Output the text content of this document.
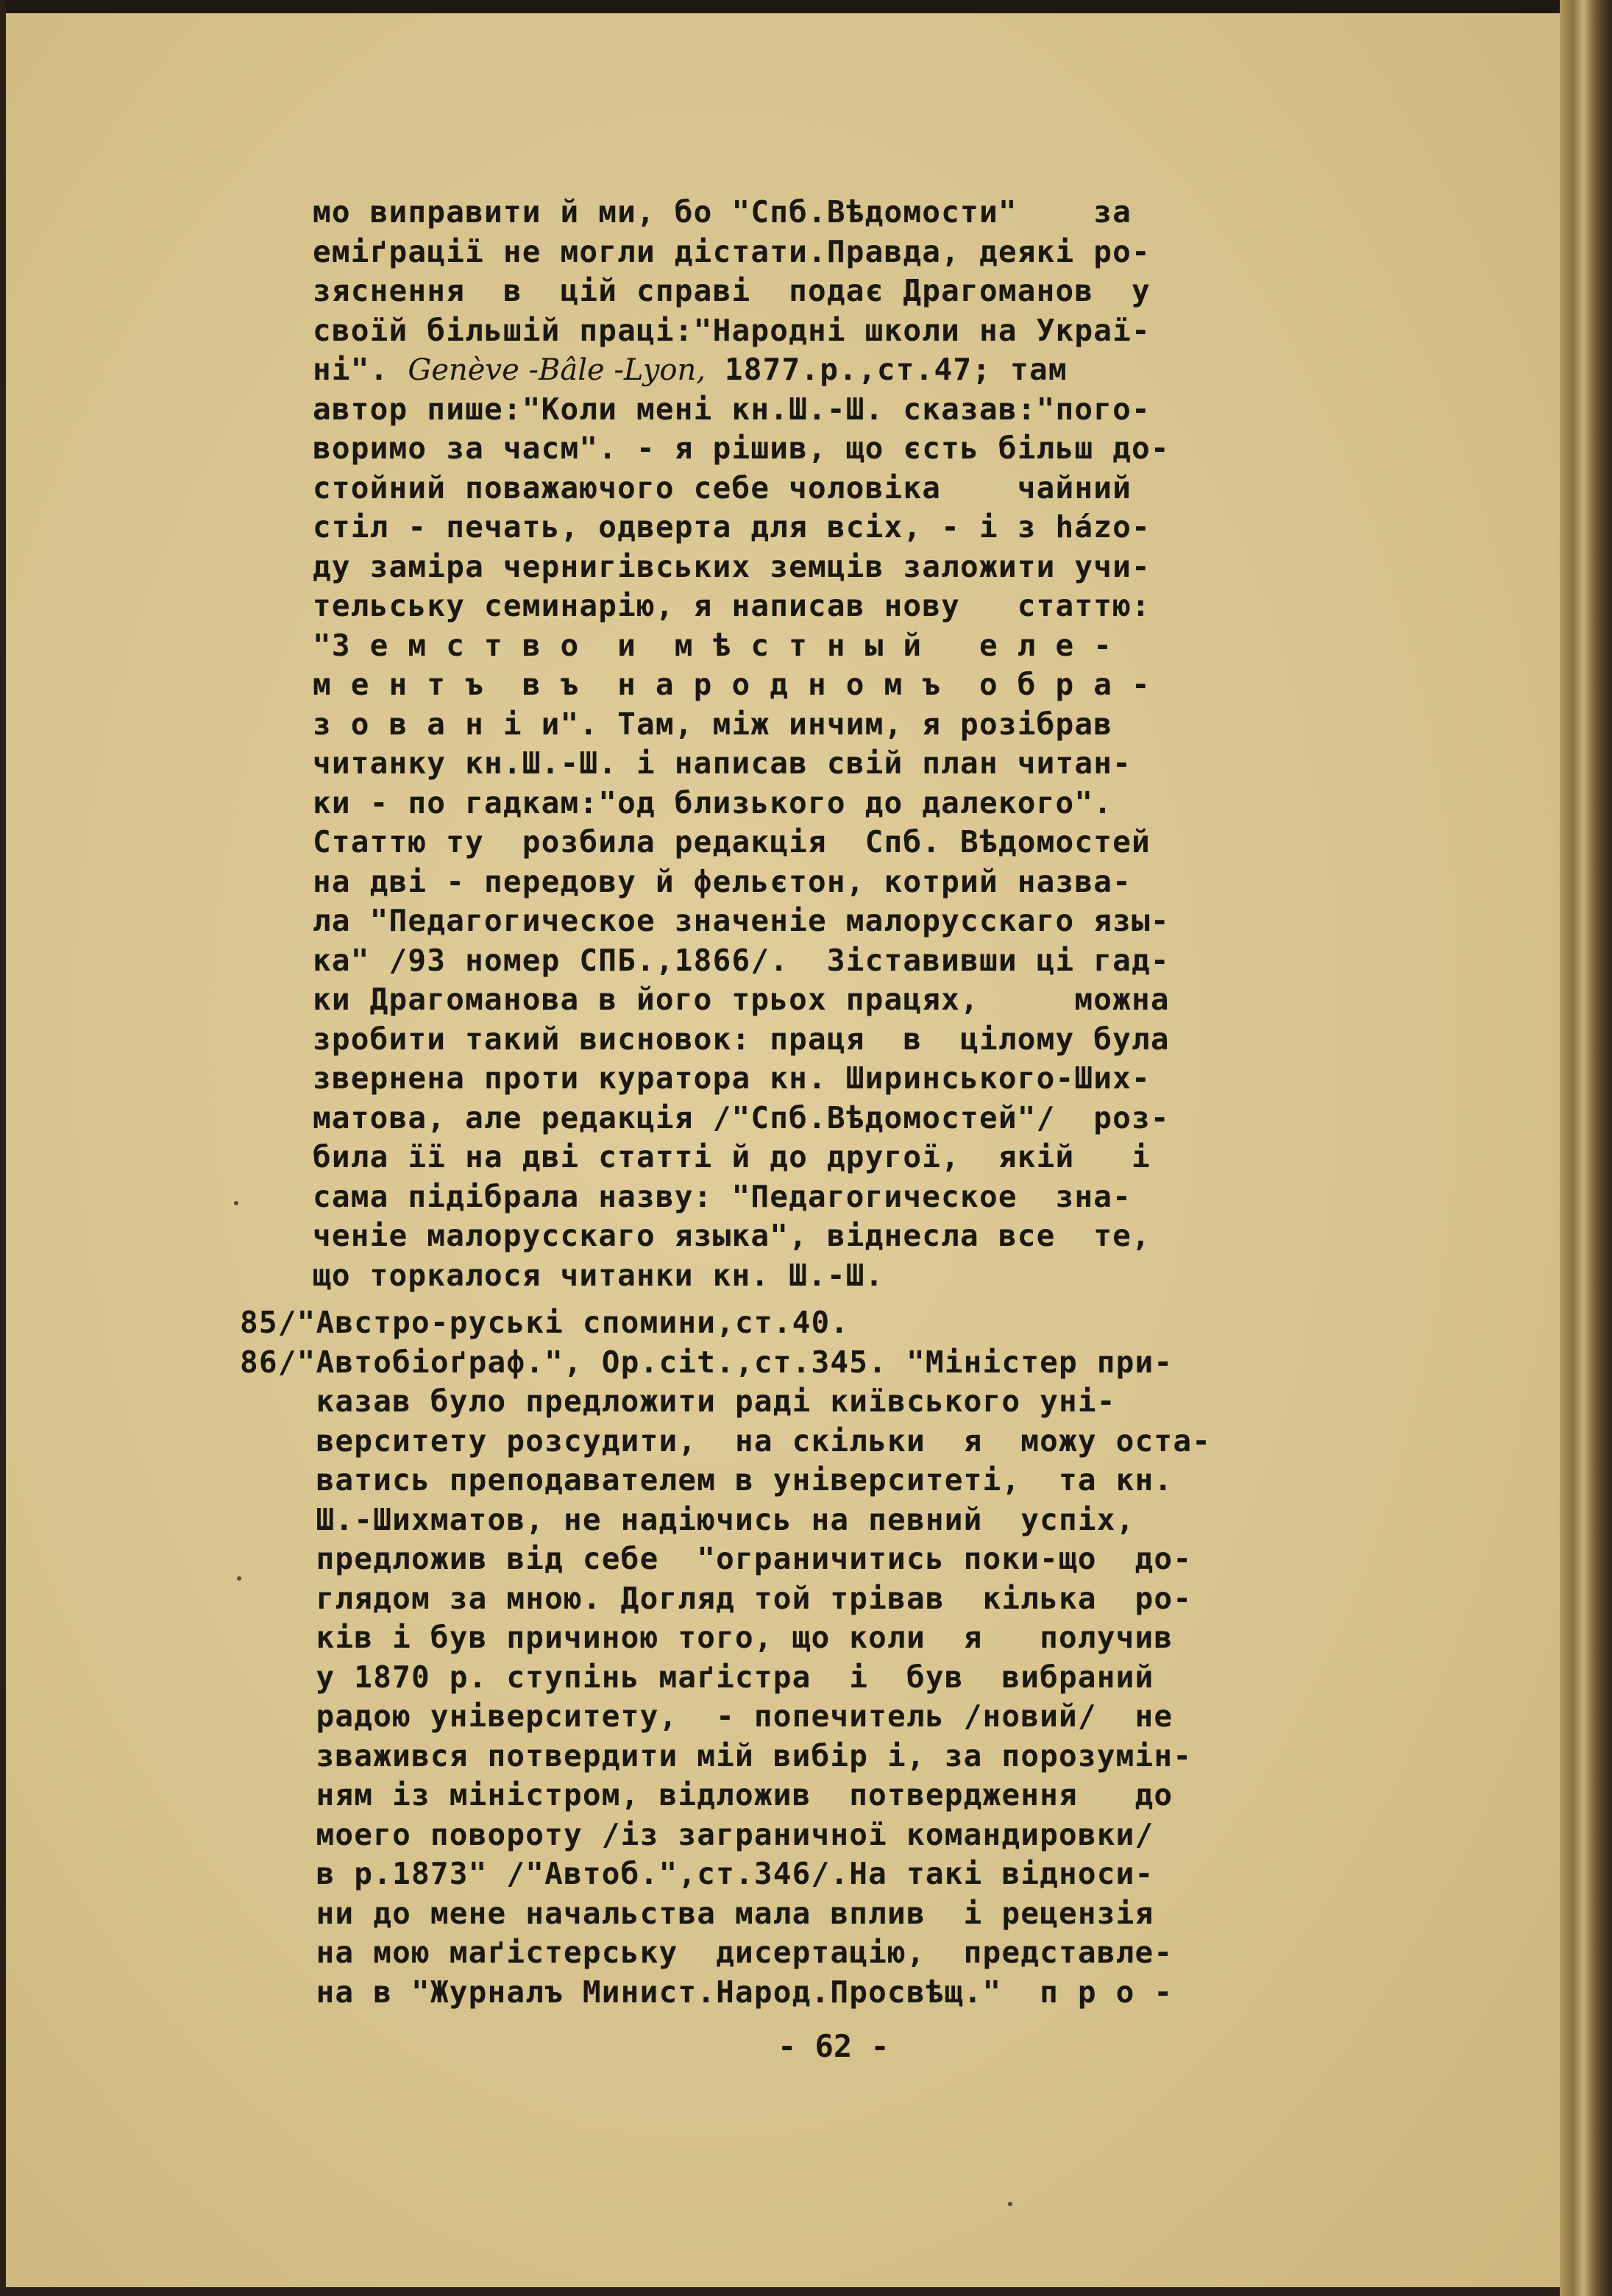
мо виправити й ми, бо "Спб.Вѣдомости"    за
еміґрації не могли дістати.Правда, деякі ро-
зяснення  в  цій справі  подає Драгоманов  у
своїй більшій праці:"Народні школи на Украї-
ні". Genève -Bâle -Lyon, 1877.р.,ст.47; там
автор пише:"Коли мені кн.Ш.-Ш. сказав:"пого-
воримо за часм". - я рішив, що єсть більш до-
стойний поважаючого себе чоловіка    чайний
стіл - печать, одверта для всіх, - і з házo-
ду заміра чернигівських земців заложити учи-
тельську семинарію, я написав нову   статтю:
"З е м с т в о  и  м ѣ с т н ы й   е л е -
м е н т ъ  в ъ  н а р о д н о м ъ  о б р а -
з о в а н і и". Там, між инчим, я розібрав
читанку кн.Ш.-Ш. і написав свій план читан-
ки - по гадкам:"од близького до далекого".
Статтю ту  розбила редакція  Спб. Вѣдомостей
на дві - передову й фельєтон, котрий назва-
ла "Педагогическое значеніе малорусскаго язы-
ка" /93 номер СПБ.,1866/.  Зіставивши ці гад-
ки Драгоманова в його трьох працях,     можна
зробити такий висновок: праця  в  цілому була
звернена проти куратора кн. Ширинського-Ших-
матова, але редакція /"Спб.Вѣдомостей"/  роз-
била її на дві статті й до другої,  якій   і
сама підібрала назву: "Педагогическое  зна-
ченіе малорусскаго языка", віднесла все  те,
що торкалося читанки кн. Ш.-Ш.
85/"Австро-руські спомини,ст.40.
86/"Автобіоґраф.", Op.cit.,ст.345. "Міністер при-
казав було предложити раді київського уні-
верситету розсудити,  на скільки  я  можу оста-
ватись преподавателем в університеті,  та кн.
Ш.-Шихматов, не надіючись на певний  успіх,
предложив від себе  "ограничитись поки-що  до-
глядом за мною. Догляд той трівав  кілька  ро-
ків і був причиною того, що коли  я   получив
у 1870 р. ступінь маґістра  і  був  вибраний
радою університету,  - попечитель /новий/  не
зважився потвердити мій вибір і, за порозумін-
ням із міністром, відложив  потвердження   до
моего повороту /із заграничної командировки/
в р.1873" /"Автоб.",ст.346/.На такі відноси-
ни до мене начальства мала вплив  і рецензія
на мою маґістерську  дисертацію,  представле-
на в "Журналъ Минист.Народ.Просвѣщ."  п р о -
- 62 -
